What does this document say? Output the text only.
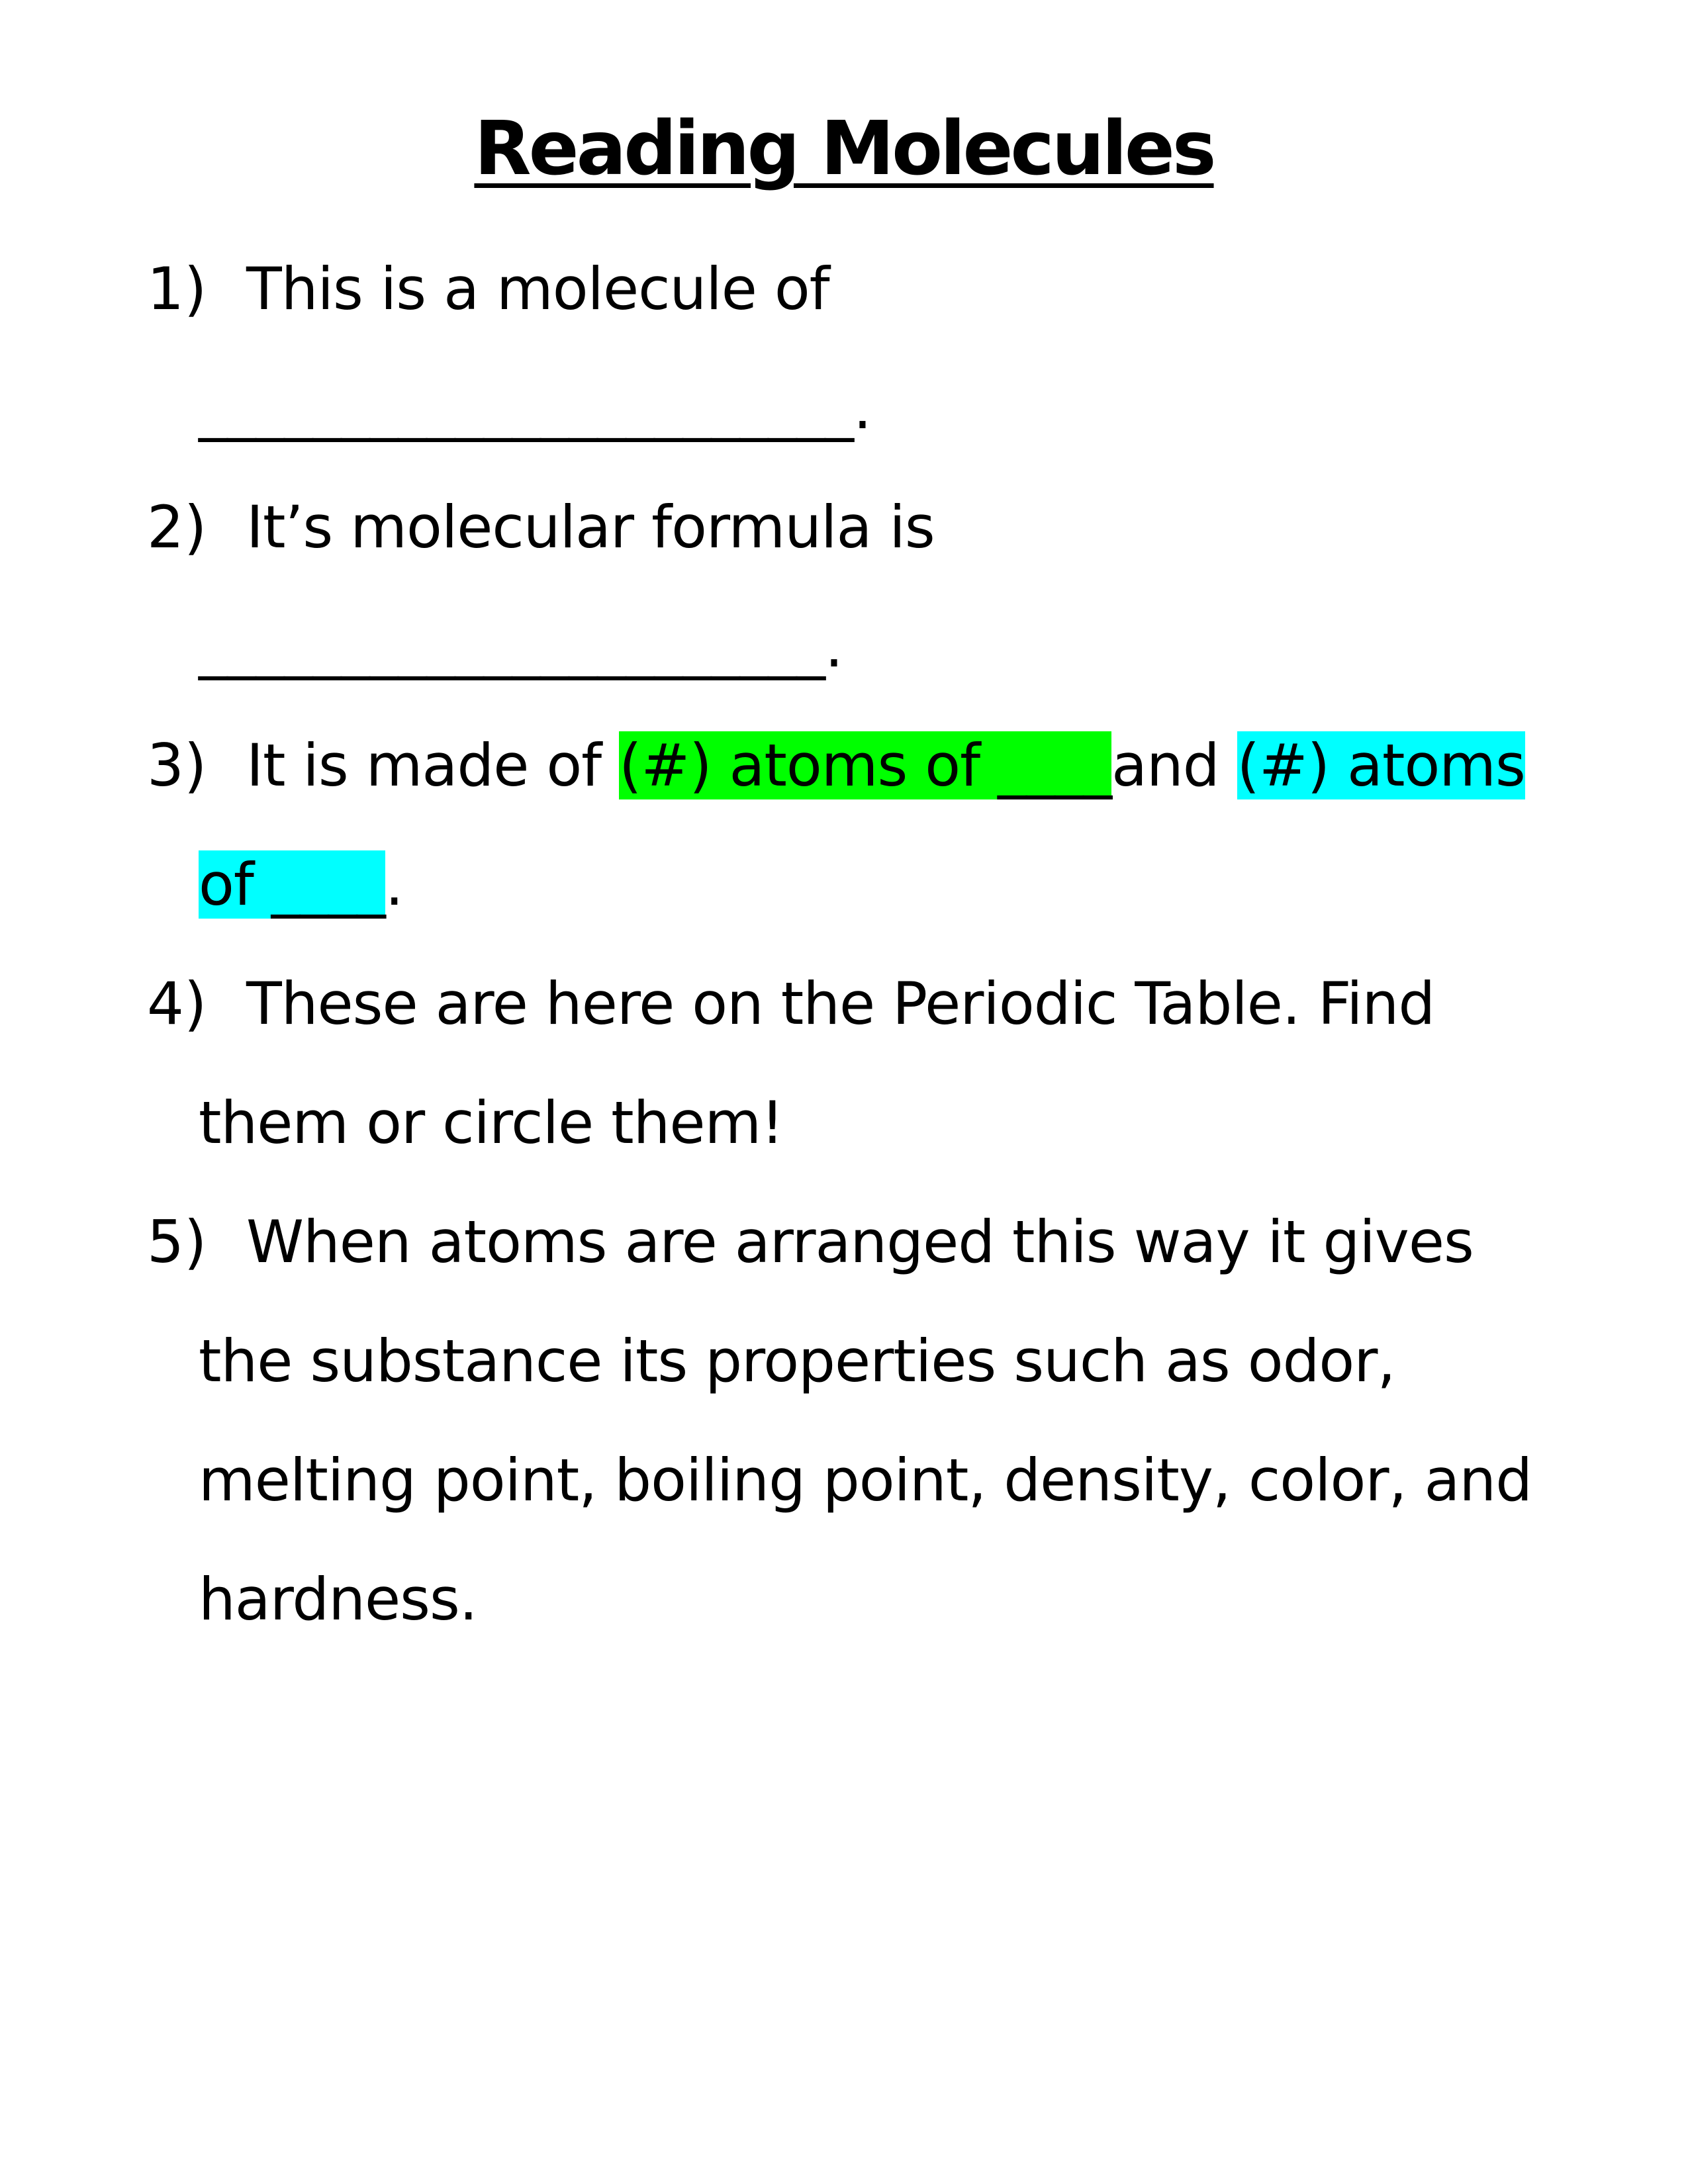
Reading Molecules
1) This is a molecule of
_______________________.
2) It’s molecular formula is
______________________.
3) It is made of (#) atoms of ____and (#) atoms
of ____.
4) These are here on the Periodic Table. Find
them or circle them!
5) When atoms are arranged this way it gives
the substance its properties such as odor,
melting point, boiling point, density, color, and
hardness.
